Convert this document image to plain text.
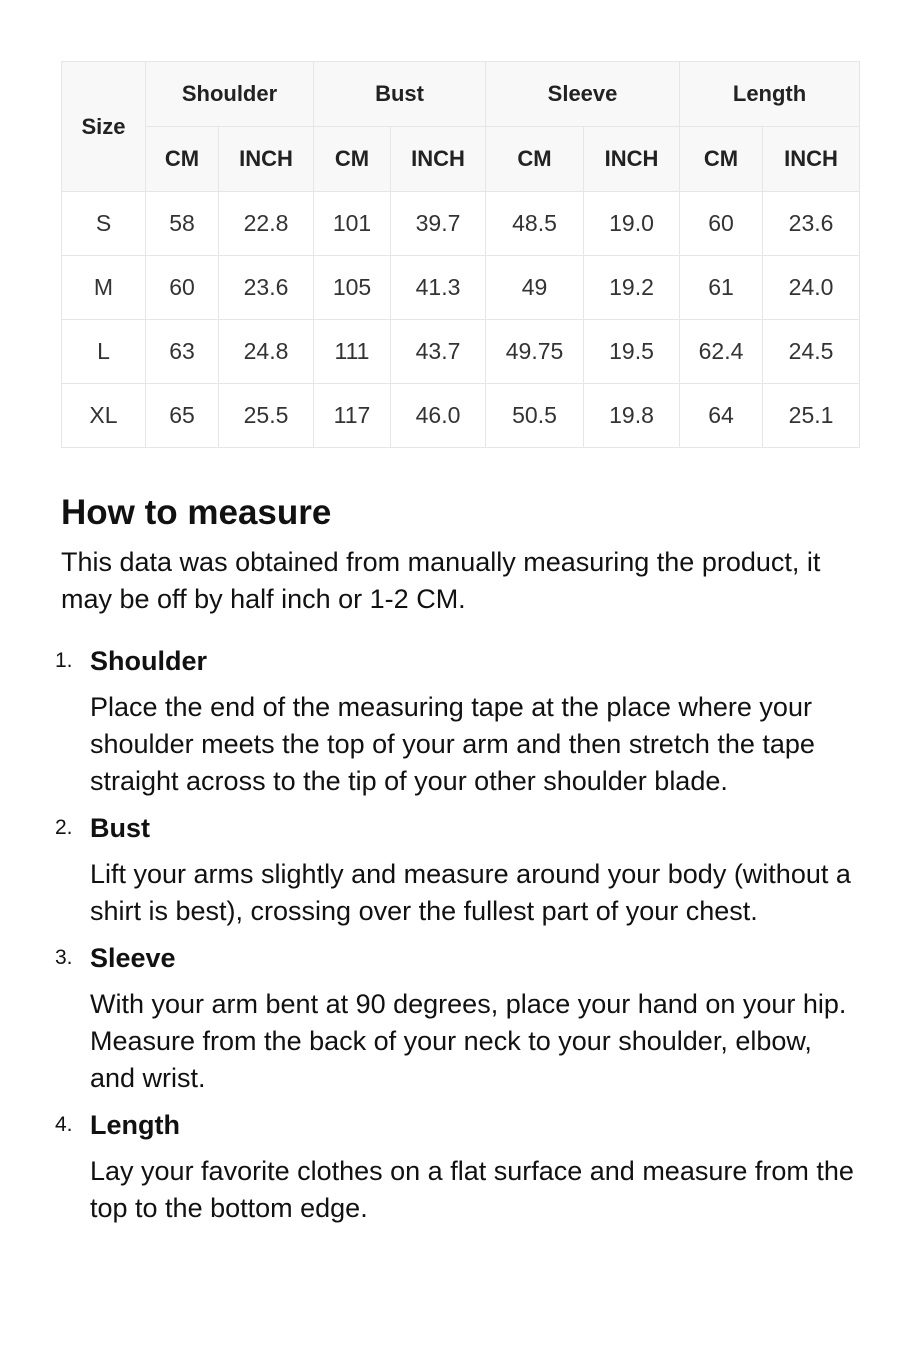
Size	Shoulder		Bust		Sleeve		Length	
	CM	INCH	CM	INCH	CM	INCH	CM	INCH
S	58	22.8	101	39.7	48.5	19.0	60	23.6
M	60	23.6	105	41.3	49	19.2	61	24.0
L	63	24.8	111	43.7	49.75	19.5	62.4	24.5
XL	65	25.5	117	46.0	50.5	19.8	64	25.1
How to measure

This data was obtained from manually measuring the product, it may be off by half inch or 1-2 CM.

1. Shoulder

Place the end of the measuring tape at the place where your shoulder meets the top of your arm and then stretch the tape straight across to the tip of your other shoulder blade.

2. Bust

Lift your arms slightly and measure around your body (without a shirt is best), crossing over the fullest part of your chest.

3. Sleeve

With your arm bent at 90 degrees, place your hand on your hip. Measure from the back of your neck to your shoulder, elbow, and wrist.

4. Length

Lay your favorite clothes on a flat surface and measure from the top to the bottom edge.
